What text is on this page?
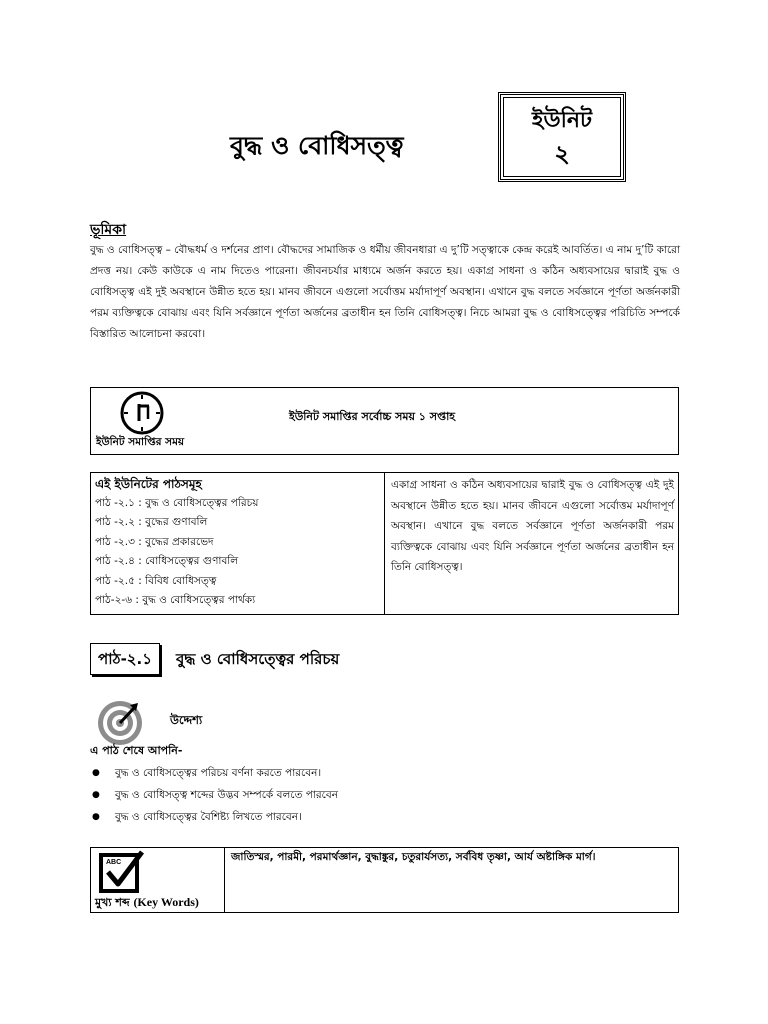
বুদ্ধ ও বোধিসত্ত্ব
ইউনিট
২
ভূমিকা

বুদ্ধ ও বোধিসত্ত্ব – বৌদ্ধধর্ম ও দর্শনের প্রাণ। বৌদ্ধদের সামাজিক ও ধর্মীয় জীবনধারা এ দু’টি সত্ত্বাকে কেন্দ্র করেই আবর্তিত। এ নাম দু’টি কারো প্রদত্ত নয়। কেউ কাউকে এ নাম দিতেও পারেনা। জীবনচর্যার মাধ্যমে অর্জন করতে হয়। একাগ্র সাধনা ও কঠিন অধ্যবসায়ের দ্বারাই বুদ্ধ ও বোধিসত্ত্ব এই দুই অবস্থানে উন্নীত হতে হয়। মানব জীবনে এগুলো সর্বোত্তম মর্যাদাপূর্ণ অবস্থান। এখানে বুদ্ধ বলতে সর্বজ্ঞানে পূর্ণতা অর্জনকারী পরম ব্যক্তিত্বকে বোঝায় এবং যিনি সর্বজ্ঞানে পূর্ণতা অর্জনের ব্রতাধীন হন তিনি বোধিসত্ত্ব। নিচে আমরা বুদ্ধ ও বোধিসত্ত্বের পরিচিতি সম্পর্কে বিস্তারিত আলোচনা করবো।

ইউনিট সমাপ্তির সময়
ইউনিট সমাপ্তির সর্বোচ্চ সময় ১ সপ্তাহ
এই ইউনিটের পাঠসমূহ
পাঠ -২.১ : বুদ্ধ ও বোধিসত্ত্বের পরিচয়
পাঠ -২.২ : বুদ্ধের গুণাবলি
পাঠ -২.৩ : বুদ্ধের প্রকারভেদ
পাঠ -২.৪ : বোধিসত্ত্বের গুণাবলি
পাঠ -২.৫ : বিবিধ বোধিসত্ত্ব
পাঠ-২-৬ : বুদ্ধ ও বোধিসত্ত্বের পার্থক্য
একাগ্র সাধনা ও কঠিন অধ্যবসায়ের দ্বারাই বুদ্ধ ও বোধিসত্ত্ব এই দুই অবস্থানে উন্নীত হতে হয়। মানব জীবনে এগুলো সর্বোত্তম মর্যাদাপূর্ণ অবস্থান। এখানে বুদ্ধ বলতে সর্বজ্ঞানে পূর্ণতা অর্জনকারী পরম ব্যক্তিত্বকে বোঝায় এবং যিনি সর্বজ্ঞানে পূর্ণতা অর্জনের ব্রতাধীন হন তিনি বোধিসত্ত্ব।
পাঠ-২.১	বুদ্ধ ও বোধিসত্ত্বের পরিচয়
উদ্দেশ্য
এ পাঠ শেষে আপনি-
● বুদ্ধ ও বোধিসত্ত্বের পরিচয় বর্ণনা করতে পারবেন।
● বুদ্ধ ও বোধিসত্ত্ব শব্দের উদ্ভব সম্পর্কে বলতে পারবেন
● বুদ্ধ ও বোধিসত্ত্বের বৈশিষ্ট্য লিখতে পারবেন।
ABC
মুখ্য শব্দ (Key Words)
জাতিস্মর, পারমী, পরমার্থজ্ঞান, বুদ্ধাঙ্কুর, চতুরার্যসত্য, সর্ববিধ তৃষ্ণা, আর্য অষ্টাঙ্গিক মার্গ।
